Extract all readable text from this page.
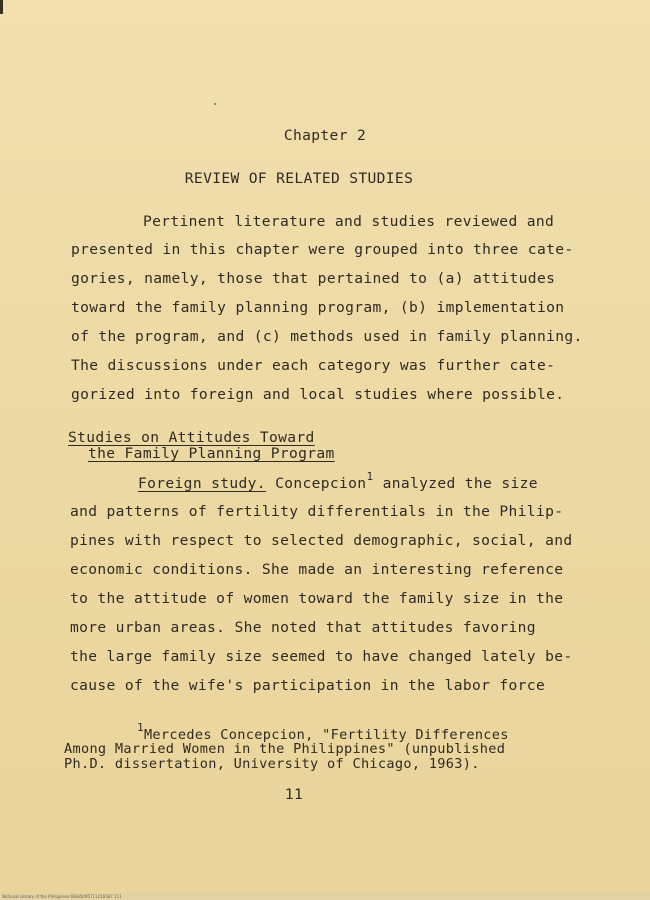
Chapter 2
REVIEW OF RELATED STUDIES
Pertinent literature and studies reviewed and
presented in this chapter were grouped into three cate-
gories, namely, those that pertained to (a) attitudes
toward the family planning program, (b) implementation
of the program, and (c) methods used in family planning.
The discussions under each category was further cate-
gorized into foreign and local studies where possible.
Studies on Attitudes Toward
the Family Planning Program
Foreign study. Concepcion$^1$ analyzed the size
and patterns of fertility differentials in the Philip-
pines with respect to selected demographic, social, and
economic conditions. She made an interesting reference
to the attitude of women toward the family size in the
more urban areas. She noted that attitudes favoring
the large family size seemed to have changed lately be-
cause of the wife's participation in the labor force
$^1$Mercedes Concepcion, "Fertility Differences
Among Married Women in the Philippines" (unpublished
Ph.D. dissertation, University of Chicago, 1963).
11
National Library of the Philippines BGH5095711216567 111
